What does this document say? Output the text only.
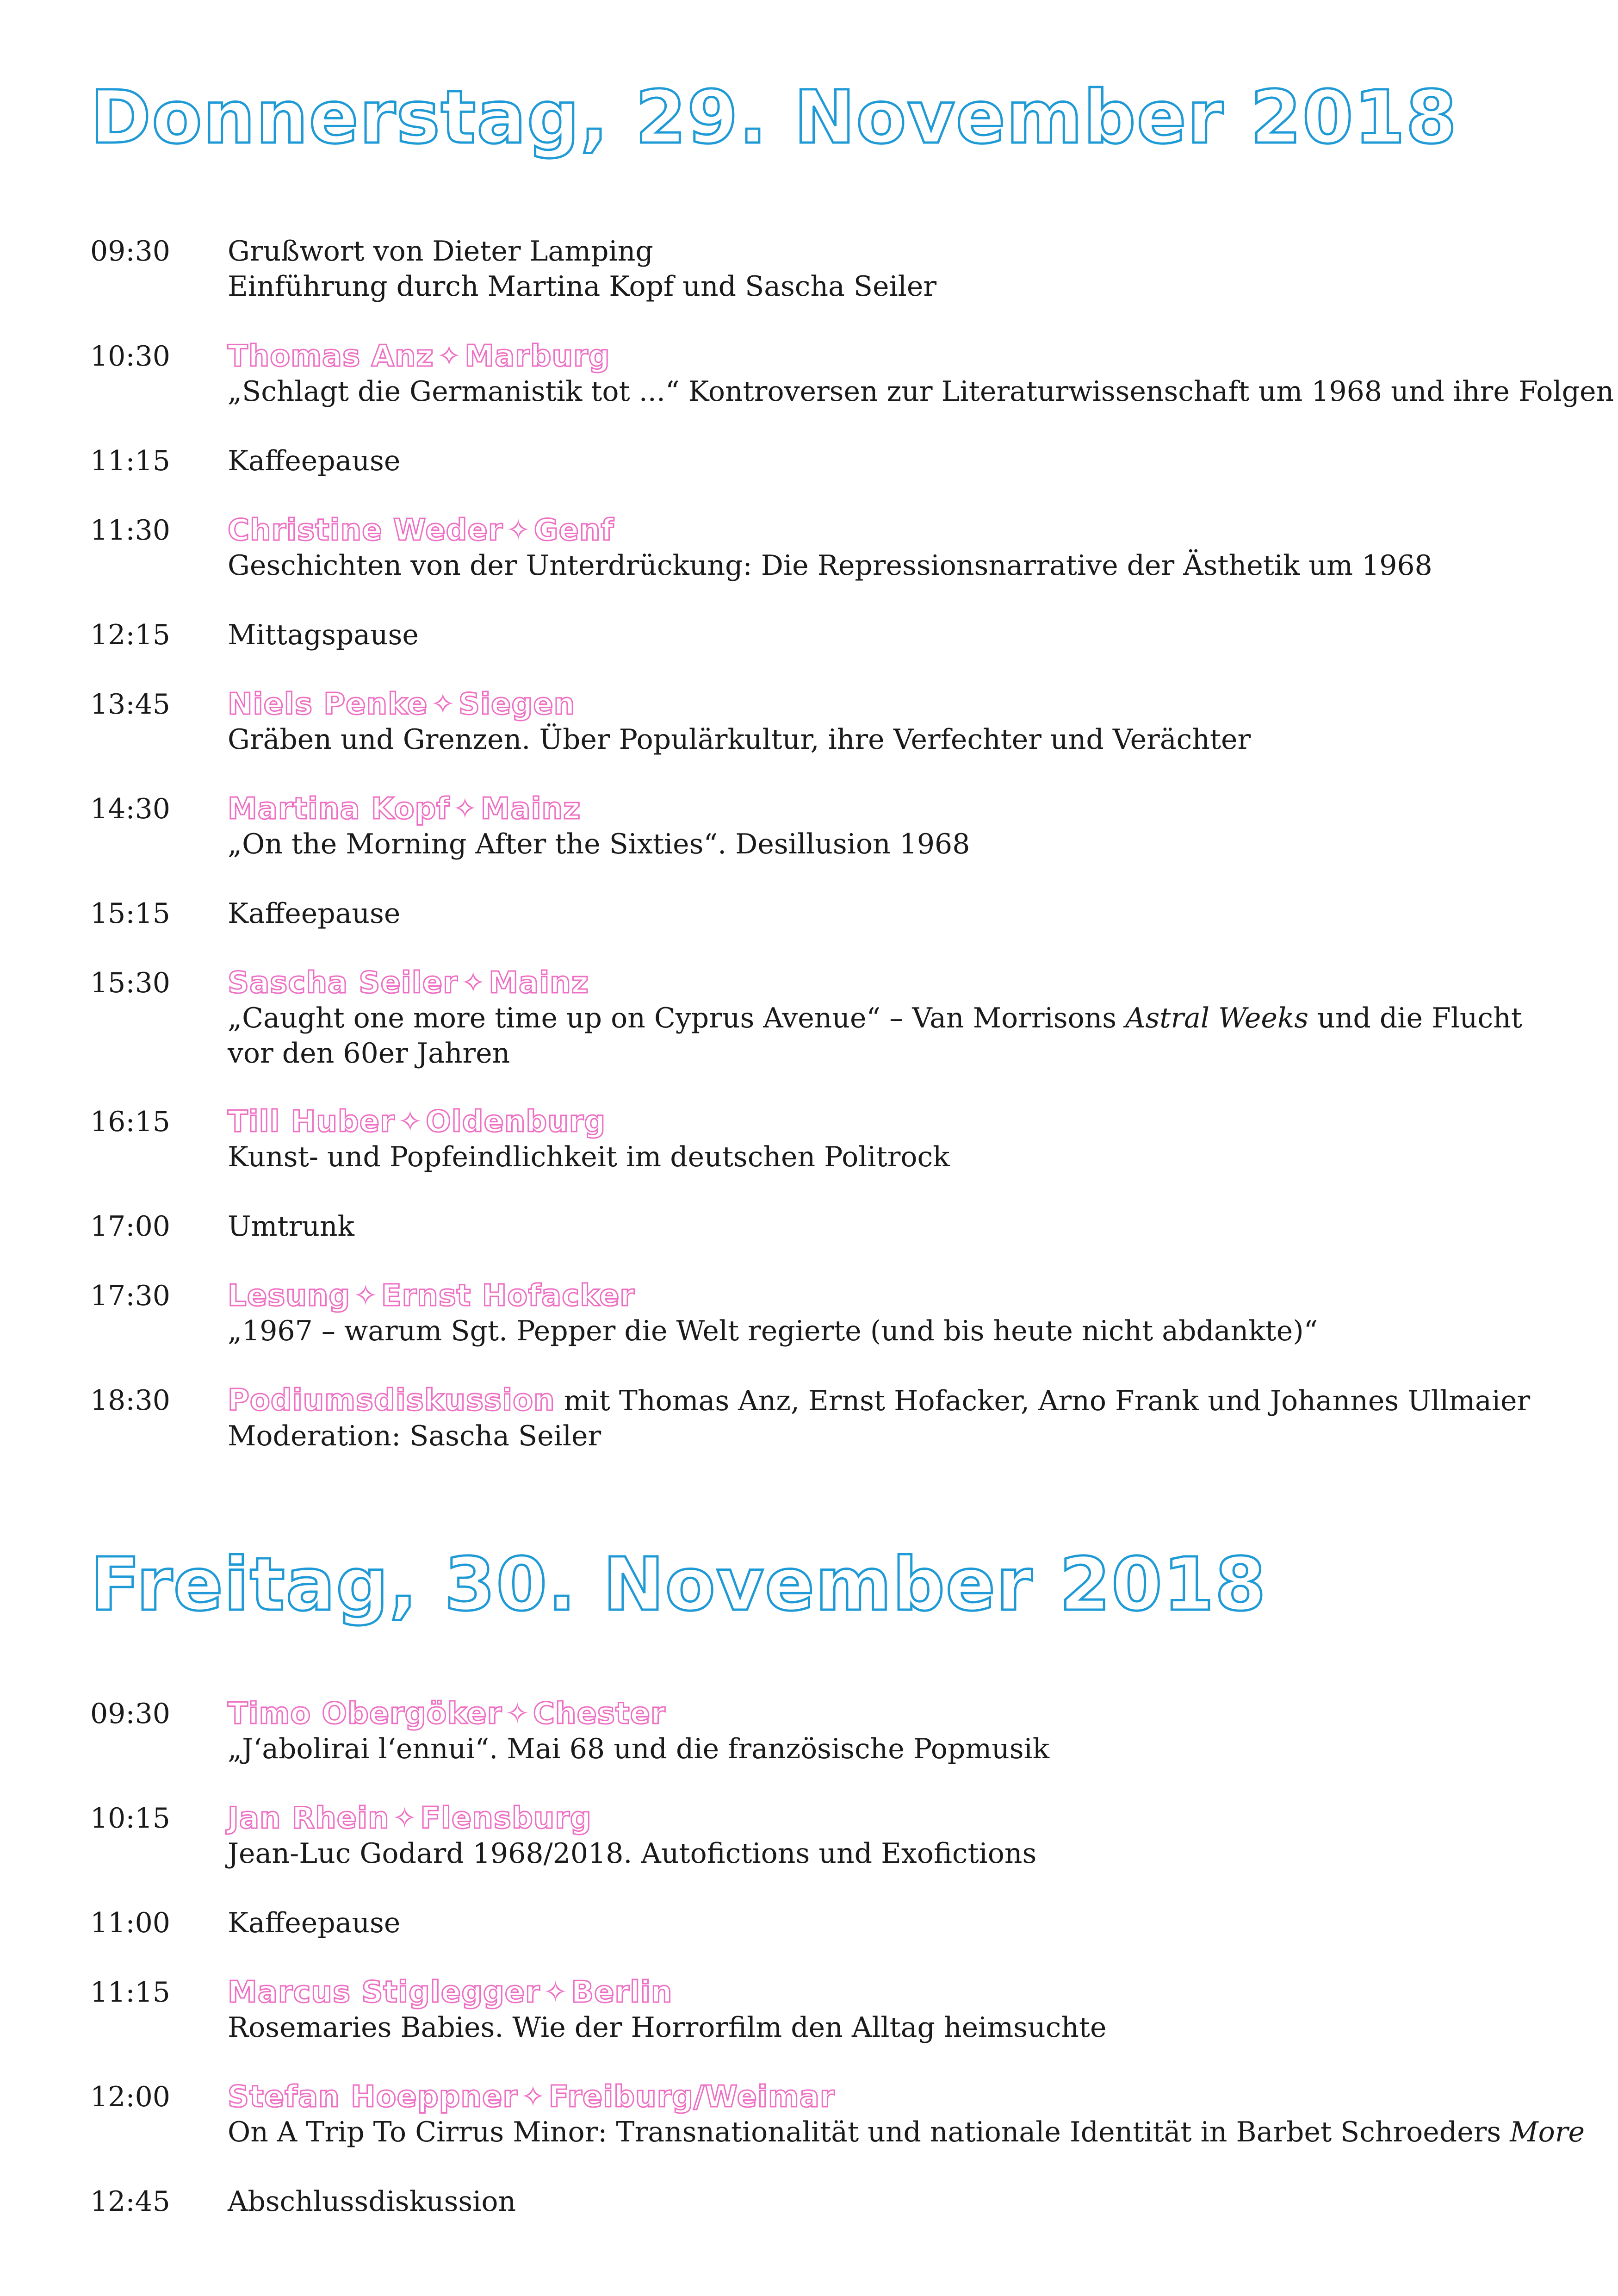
Donnerstag, 29. November 2018
09:30 Grußwort von Dieter Lamping
Einführung durch Martina Kopf und Sascha Seiler
10:30 Thomas Anz✧Marburg
„Schlagt die Germanistik tot ...“ Kontroversen zur Literaturwissenschaft um 1968 und ihre Folgen
11:15 Kaffeepause
11:30 Christine Weder✧Genf
Geschichten von der Unterdrückung: Die Repressionsnarrative der Ästhetik um 1968
12:15 Mittagspause
13:45 Niels Penke✧Siegen
Gräben und Grenzen. Über Populärkultur, ihre Verfechter und Verächter
14:30 Martina Kopf✧Mainz
„On the Morning After the Sixties“. Desillusion 1968
15:15 Kaffeepause
15:30 Sascha Seiler✧Mainz
„Caught one more time up on Cyprus Avenue“ – Van Morrisons Astral Weeks und die Flucht
vor den 60er Jahren
16:15 Till Huber✧Oldenburg
Kunst- und Popfeindlichkeit im deutschen Politrock
17:00 Umtrunk
17:30 Lesung✧Ernst Hofacker
„1967 – warum Sgt. Pepper die Welt regierte (und bis heute nicht abdankte)“
18:30 Podiumsdiskussion mit Thomas Anz, Ernst Hofacker, Arno Frank und Johannes Ullmaier
Moderation: Sascha Seiler
Freitag, 30. November 2018
09:30 Timo Obergöker✧Chester
„J‘abolirai l‘ennui“. Mai 68 und die französische Popmusik
10:15 Jan Rhein✧Flensburg
Jean-Luc Godard 1968/2018. Autofictions und Exofictions
11:00 Kaffeepause
11:15 Marcus Stiglegger✧Berlin
Rosemaries Babies. Wie der Horrorfilm den Alltag heimsuchte
12:00 Stefan Hoeppner✧Freiburg/Weimar
On A Trip To Cirrus Minor: Transnationalität und nationale Identität in Barbet Schroeders More
12:45 Abschlussdiskussion
